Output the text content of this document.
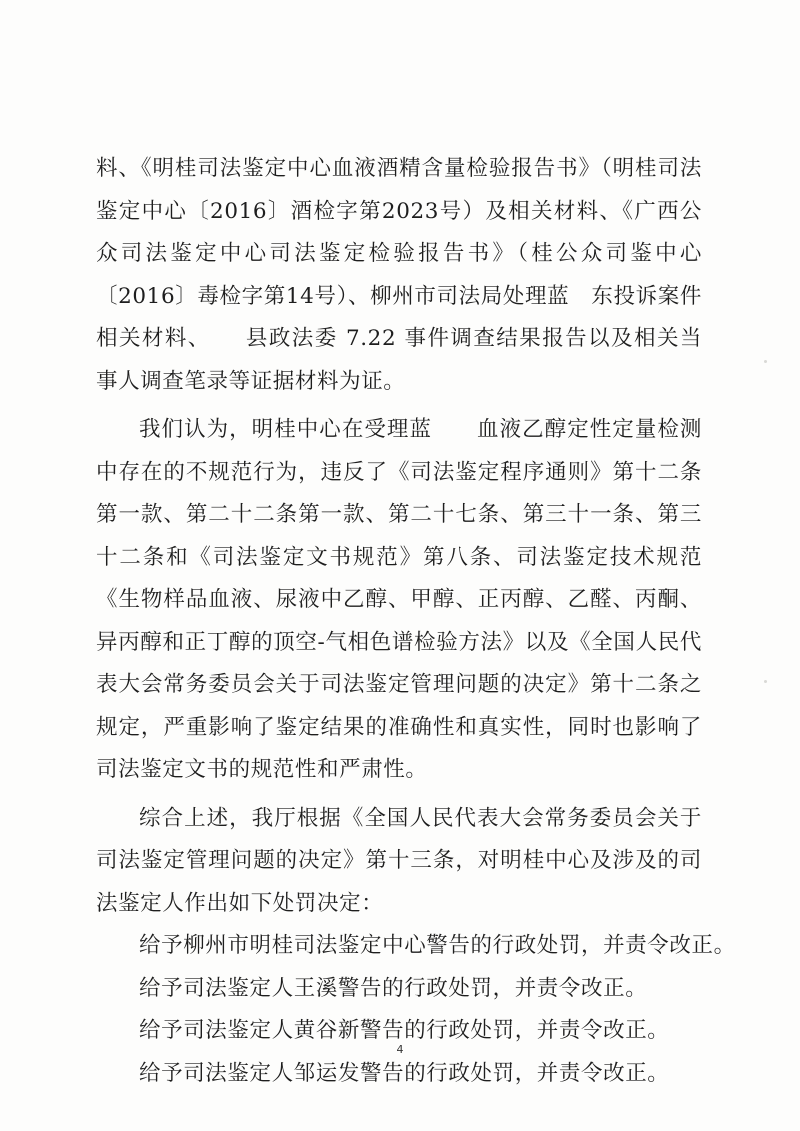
料、《明桂司法鉴定中心血液酒精含量检验报告书》（明桂司法鉴定中心〔2016〕酒检字第2023号）及相关材料、《广西公众司法鉴定中心司法鉴定检验报告书》（桂公众司鉴中心〔2016〕毒检字第14号）、柳州市司法局处理蓝　东投诉案件相关材料、　　县政法委 7.22 事件调查结果报告以及相关当事人调查笔录等证据材料为证。

我们认为，明桂中心在受理蓝　　血液乙醇定性定量检测中存在的不规范行为，违反了《司法鉴定程序通则》第十二条第一款、第二十二条第一款、第二十七条、第三十一条、第三十二条和《司法鉴定文书规范》第八条、司法鉴定技术规范《生物样品血液、尿液中乙醇、甲醇、正丙醇、乙醛、丙酮、异丙醇和正丁醇的顶空-气相色谱检验方法》以及《全国人民代表大会常务委员会关于司法鉴定管理问题的决定》第十二条之规定，严重影响了鉴定结果的准确性和真实性，同时也影响了司法鉴定文书的规范性和严肃性。

综合上述，我厅根据《全国人民代表大会常务委员会关于司法鉴定管理问题的决定》第十三条，对明桂中心及涉及的司法鉴定人作出如下处罚决定：

给予柳州市明桂司法鉴定中心警告的行政处罚，并责令改正。

给予司法鉴定人王溪警告的行政处罚，并责令改正。

给予司法鉴定人黄谷新警告的行政处罚，并责令改正。

给予司法鉴定人邹运发警告的行政处罚，并责令改正。

4
